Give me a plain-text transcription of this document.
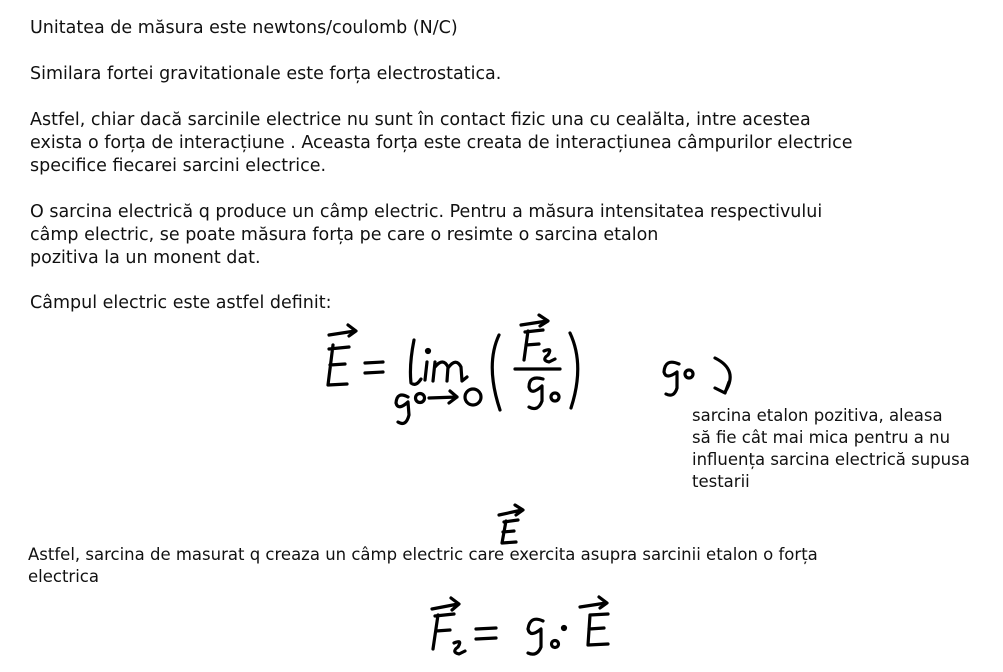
Unitatea de măsura este newtons/coulomb (N/C)
Similara fortei gravitationale este forța electrostatica.
Astfel, chiar dacă sarcinile electrice nu sunt în contact fizic una cu cealălta, intre acestea
exista o forța de interacțiune . Aceasta forța este creata de interacțiunea câmpurilor electrice
specifice fiecarei sarcini electrice.
O sarcina electrică q produce un câmp electric. Pentru a măsura intensitatea respectivului
câmp electric, se poate măsura forța pe care o resimte o sarcina etalon
pozitiva la un monent dat.
Câmpul electric este astfel definit:
sarcina etalon pozitiva, aleasa
să fie cât mai mica pentru a nu
influența sarcina electrică supusa
testarii
Astfel, sarcina de masurat q creaza un câmp electric care exercita asupra sarcinii etalon o forța
electrica
